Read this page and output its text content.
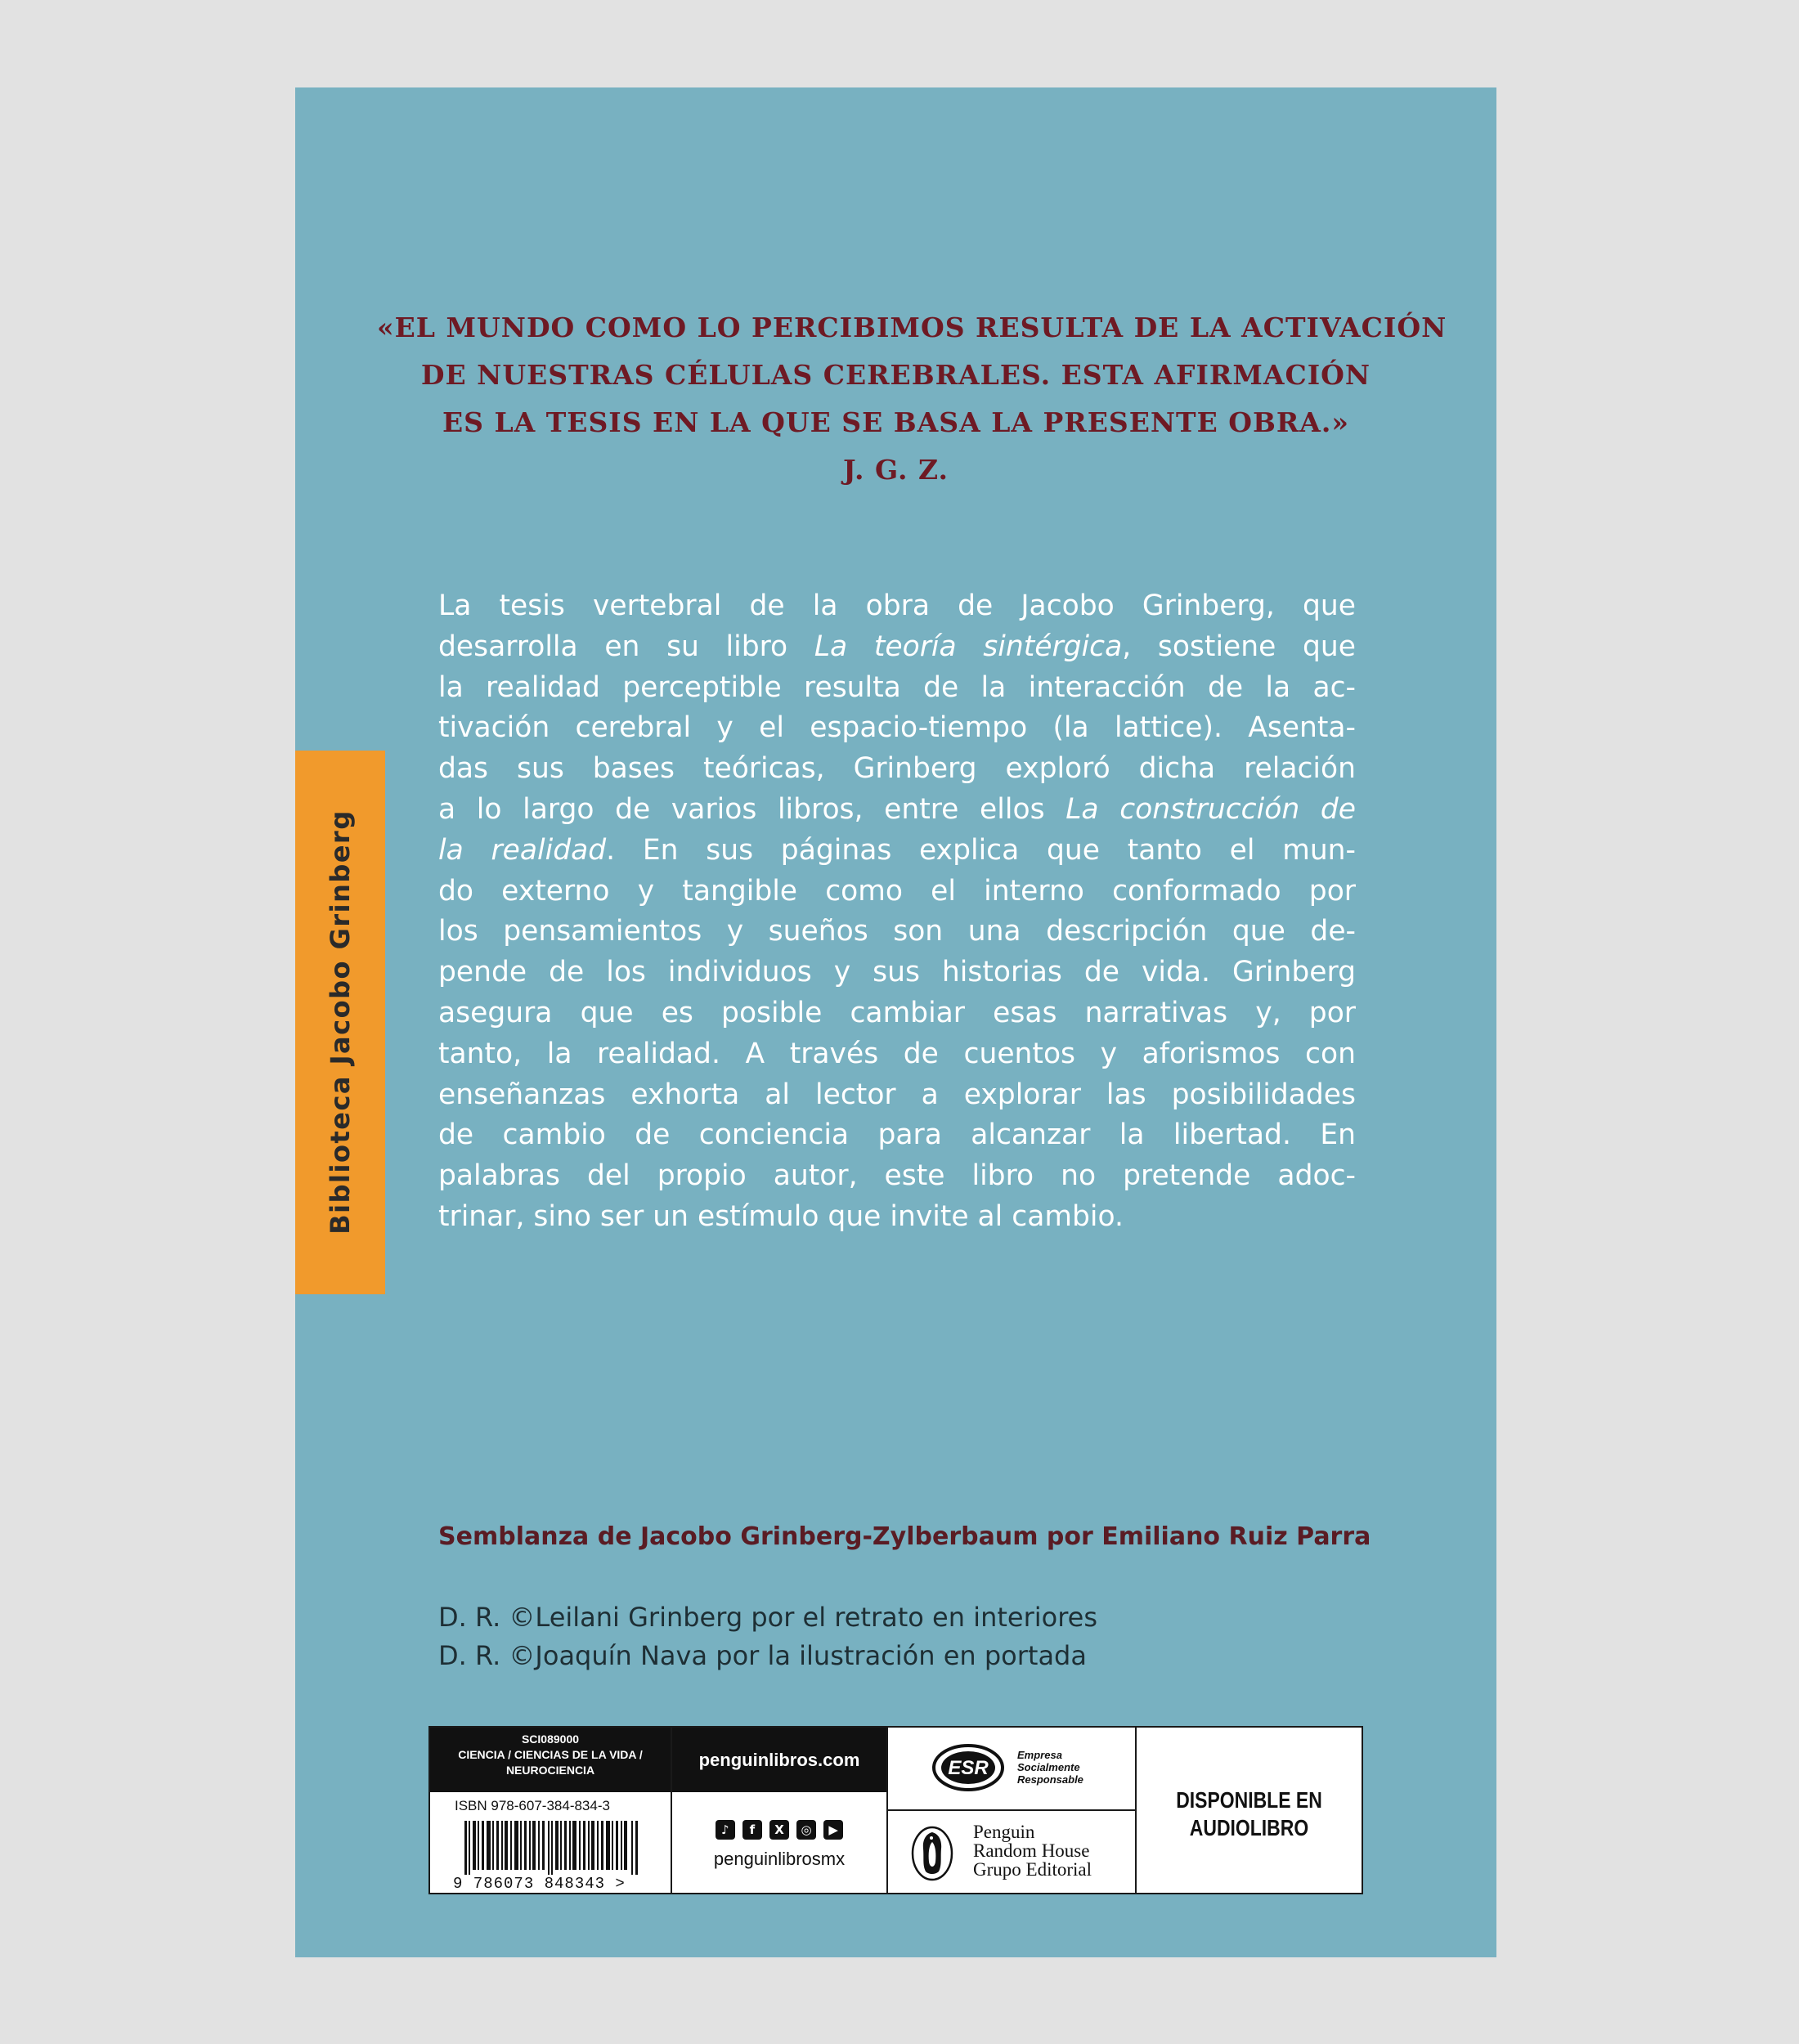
Biblioteca Jacobo Grinberg
«EL MUNDO COMO LO PERCIBIMOS RESULTA DE LA ACTIVACIÓN
DE NUESTRAS CÉLULAS CEREBRALES. ESTA AFIRMACIÓN
ES LA TESIS EN LA QUE SE BASA LA PRESENTE OBRA.»
J. G. Z.
La tesis vertebral de la obra de Jacobo Grinberg, que
desarrolla en su libro La teoría sintérgica, sostiene que
la realidad perceptible resulta de la interacción de la ac-
tivación cerebral y el espacio-tiempo (la lattice). Asenta-
das sus bases teóricas, Grinberg exploró dicha relación
a lo largo de varios libros, entre ellos La construcción de
la realidad. En sus páginas explica que tanto el mun-
do externo y tangible como el interno conformado por
los pensamientos y sueños son una descripción que de-
pende de los individuos y sus historias de vida. Grinberg
asegura que es posible cambiar esas narrativas y, por
tanto, la realidad. A través de cuentos y aforismos con
enseñanzas exhorta al lector a explorar las posibilidades
de cambio de conciencia para alcanzar la libertad. En
palabras del propio autor, este libro no pretende adoc-
trinar, sino ser un estímulo que invite al cambio.
Semblanza de Jacobo Grinberg-Zylberbaum por Emiliano Ruiz Parra
D. R. ©Leilani Grinberg por el retrato en interiores
D. R. ©Joaquín Nava por la ilustración en portada
SCI089000
CIENCIA / CIENCIAS DE LA VIDA /
NEUROCIENCIA
ISBN 978-607-384-834-3
9 786073 848343 >
penguinlibros.com
♪ f X ◎ ▶
penguinlibrosmx
ESR
Empresa
Socialmente
Responsable
Penguin
Random House
Grupo Editorial
DISPONIBLE EN
AUDIOLIBRO
